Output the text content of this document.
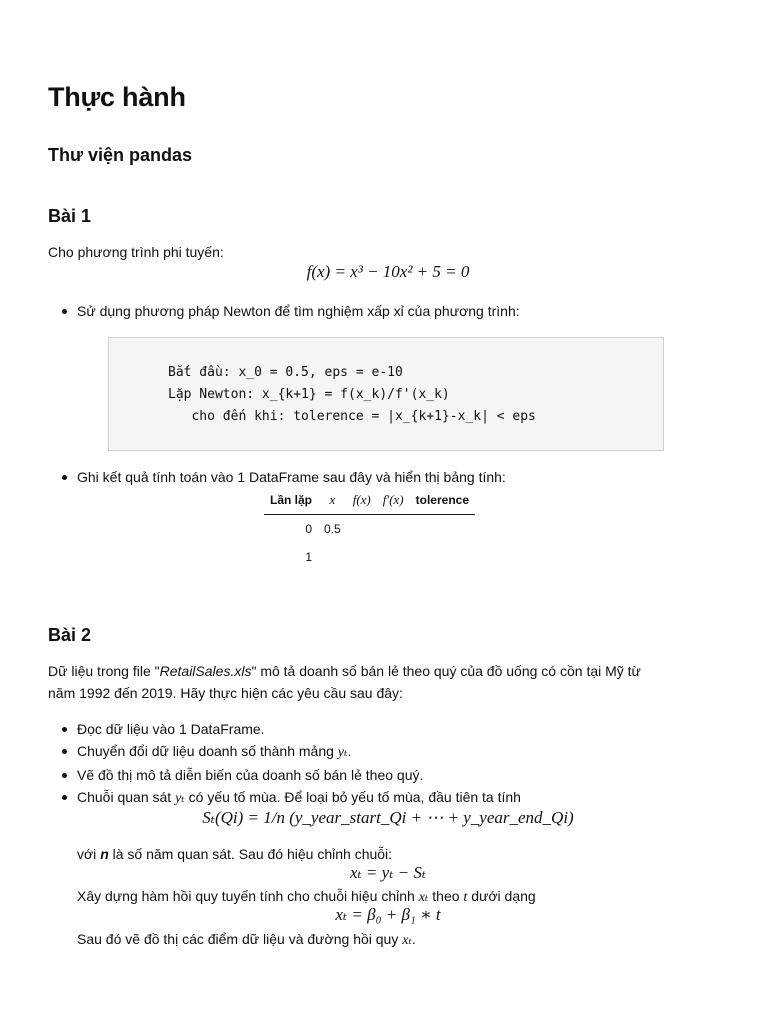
Thực hành
Thư viện pandas
Bài 1

Cho phương trình phi tuyến:

f(x) = x³ − 10x² + 5 = 0
Sử dụng phương pháp Newton để tìm nghiệm xấp xỉ của phương trình:
Bắt đầu: x_0 = 0.5, eps = e-10
Lặp Newton: x_{k+1} = f(x_k)/f'(x_k)
cho đến khi: tolerence = |x_{k+1}-x_k| < eps
Ghi kết quả tính toán vào 1 DataFrame sau đây và hiển thị bảng tính:
Lần lặp	x	f(x)	f′(x)	tolerence
0	0.5			
1				
Bài 2

Dữ liệu trong file "RetailSales.xls" mô tả doanh số bán lẻ theo quý của đồ uống có cồn tại Mỹ từ

năm 1992 đến 2019. Hãy thực hiện các yêu cầu sau đây:

Đọc dữ liệu vào 1 DataFrame.
Chuyển đổi dữ liệu doanh số thành mảng yₜ.
Vẽ đồ thị mô tả diễn biến của doanh số bán lẻ theo quý.
Chuỗi quan sát yₜ có yếu tố mùa. Để loại bỏ yếu tố mùa, đầu tiên ta tính
Sₜ(Qi) = 1/n (y_year_start_Qi + ⋯ + y_year_end_Qi)

với n là số năm quan sát. Sau đó hiệu chỉnh chuỗi:

xₜ = yₜ − Sₜ

Xây dựng hàm hồi quy tuyến tính cho chuỗi hiệu chỉnh xₜ theo t dưới dạng

xₜ = β₀ + β₁ ∗ t

Sau đó vẽ đồ thị các điểm dữ liệu và đường hồi quy xₜ.
